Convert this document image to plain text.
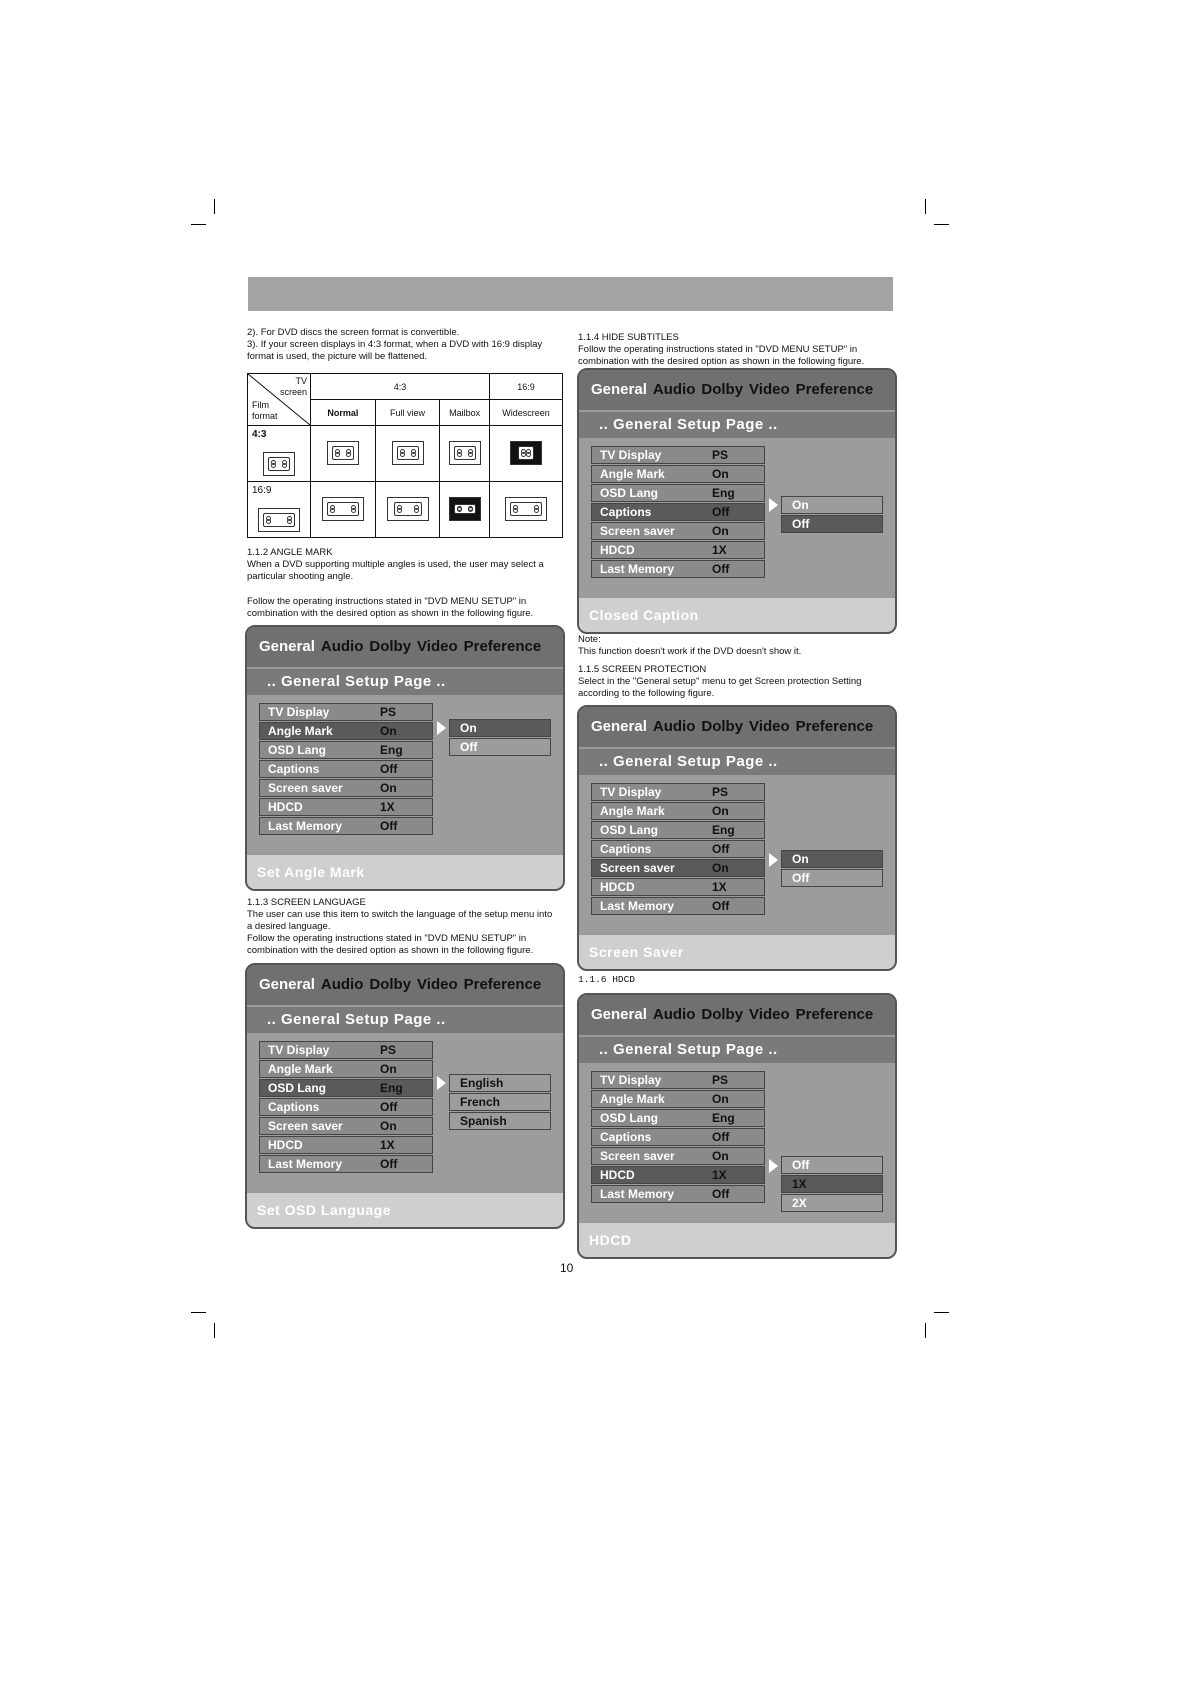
2). For DVD discs the screen format is convertible.

3). If your screen displays in 4:3 format, when a DVD with 16:9 display
format is used, the picture will be flattened.

TV
screen
Film
format	4:3			16:9
	Normal	Full view	Mailbox	Widescreen

4:3				

16:9				

1.1.2 ANGLE MARK

When a DVD supporting multiple angles is used, the user may select a
particular shooting angle.

Follow the operating instructions stated in "DVD MENU SETUP" in
combination with the desired option as shown in the following figure.

General Audio Dolby Video Preference
.. General Setup Page ..
TV Display	PS
Angle Mark	On
OSD Lang	Eng
Captions	Off
Screen saver	On
HDCD	1X
Last Memory	Off
On
Off
Set Angle Mark

1.1.3 SCREEN LANGUAGE

The user can use this item to switch the language of the setup menu into
a desired language.
Follow the operating instructions stated in "DVD MENU SETUP" in
combination with the desired option as shown in the following figure.

General Audio Dolby Video Preference
.. General Setup Page ..
TV Display	PS
Angle Mark	On
OSD Lang	Eng
Captions	Off
Screen saver	On
HDCD	1X
Last Memory	Off
English
French
Spanish
Set OSD Language

1.1.4 HIDE SUBTITLES

Follow the operating instructions stated in "DVD MENU SETUP" in
combination with the desired option as shown in the following figure.

General Audio Dolby Video Preference
.. General Setup Page ..
TV Display	PS
Angle Mark	On
OSD Lang	Eng
Captions	Off
Screen saver	On
HDCD	1X
Last Memory	Off
On
Off
Closed Caption

Note:

This function doesn't work if the DVD doesn't show it.

1.1.5 SCREEN PROTECTION

Select in the "General setup" menu to get Screen protection Setting
according to the following figure.

General Audio Dolby Video Preference
.. General Setup Page ..
TV Display	PS
Angle Mark	On
OSD Lang	Eng
Captions	Off
Screen saver	On
HDCD	1X
Last Memory	Off
On
Off
Screen Saver

1.1.6 HDCD

General Audio Dolby Video Preference
.. General Setup Page ..
TV Display	PS
Angle Mark	On
OSD Lang	Eng
Captions	Off
Screen saver	On
HDCD	1X
Last Memory	Off
Off
1X
2X
HDCD
10
